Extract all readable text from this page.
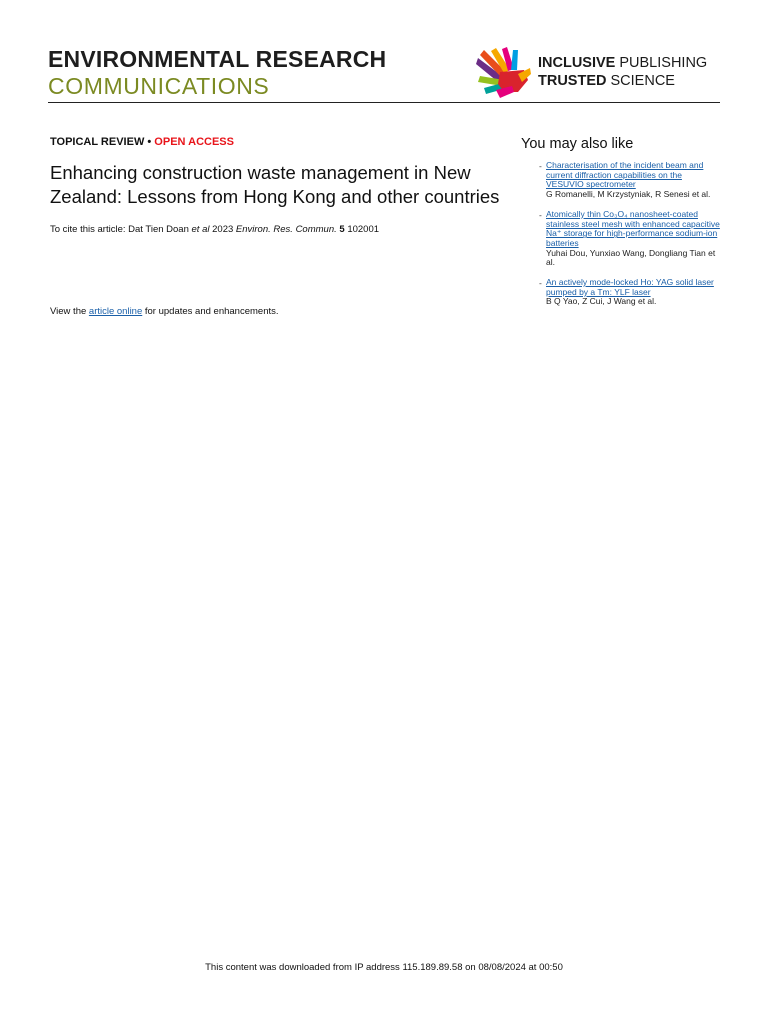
ENVIRONMENTAL RESEARCH
COMMUNICATIONS
INCLUSIVE PUBLISHING
TRUSTED SCIENCE
TOPICAL REVIEW • OPEN ACCESS
Enhancing construction waste management in New Zealand: Lessons from Hong Kong and other countries
To cite this article: Dat Tien Doan et al 2023 Environ. Res. Commun. 5 102001
View the article online for updates and enhancements.
You may also like
- Characterisation of the incident beam and current diffraction capabilities on the VESUVIO spectrometer
G Romanelli, M Krzystyniak, R Senesi et al.
- Atomically thin Co₃O₄ nanosheet-coated stainless steel mesh with enhanced capacitive Na⁺ storage for high-performance sodium-ion batteries
Yuhai Dou, Yunxiao Wang, Dongliang Tian et al.
- An actively mode-locked Ho: YAG solid laser pumped by a Tm: YLF laser
B Q Yao, Z Cui, J Wang et al.
This content was downloaded from IP address 115.189.89.58 on 08/08/2024 at 00:50
